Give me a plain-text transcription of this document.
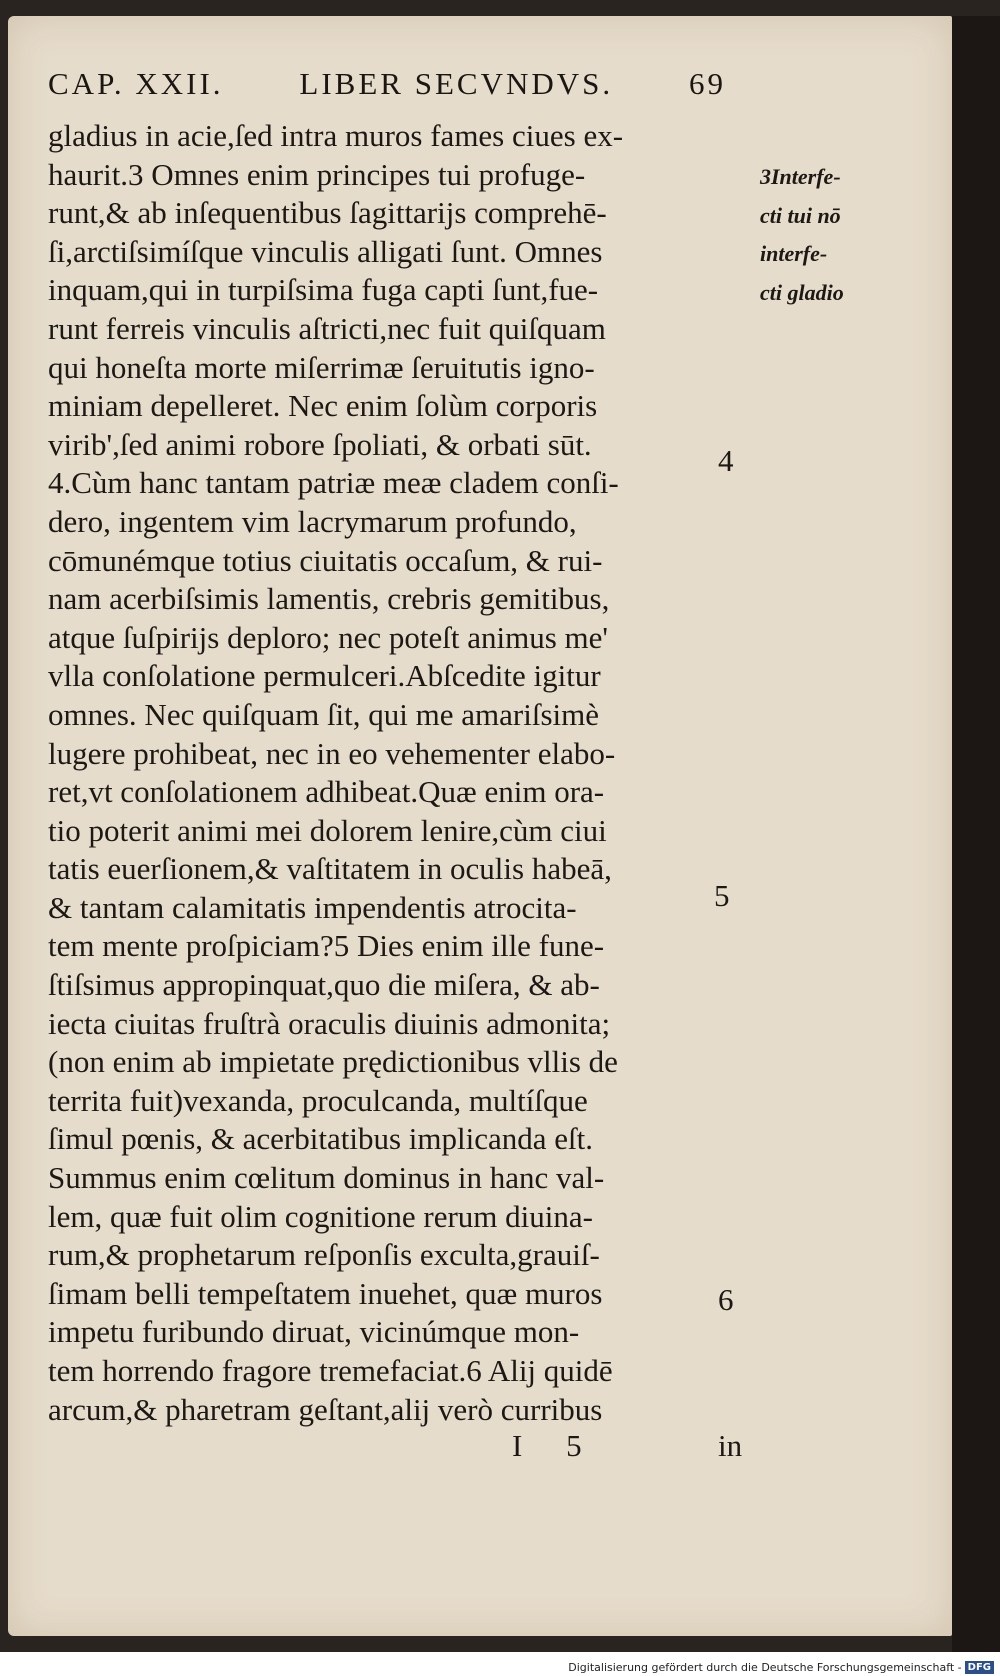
CAP. XXII. LIBER SECVNDVS. 69
gladius in acie,ſed intra muros fames ciues ex-
haurit.3 Omnes enim principes tui profuge-
runt,& ab inſequentibus ſagittarijs comprehē-
ſi,arctiſsimíſque vinculis alligati ſunt. Omnes
inquam,qui in turpiſsima fuga capti ſunt,fue-
runt ferreis vinculis aſtricti,nec fuit quiſquam
qui honeſta morte miſerrimæ ſeruitutis igno-
miniam depelleret. Nec enim ſolùm corporis
virib',ſed animi robore ſpoliati, & orbati sūt.
4.Cùm hanc tantam patriæ meæ cladem conſi-
dero, ingentem vim lacrymarum profundo,
cōmunémque totius ciuitatis occaſum, & rui-
nam acerbiſsimis lamentis, crebris gemitibus,
atque ſuſpirijs deploro; nec poteſt animus me'
vlla conſolatione permulceri.Abſcedite igitur
omnes. Nec quiſquam ſit, qui me amariſsimè
lugere prohibeat, nec in eo vehementer elabo-
ret,vt conſolationem adhibeat.Quæ enim ora-
tio poterit animi mei dolorem lenire,cùm ciui
tatis euerſionem,& vaſtitatem in oculis habeā,
& tantam calamitatis impendentis atrocita-
tem mente proſpiciam?5 Dies enim ille fune-
ſtiſsimus appropinquat,quo die miſera, & ab-
iecta ciuitas fruſtrà oraculis diuinis admonita;
(non enim ab impietate prędictionibus vllis de
territa fuit)vexanda, proculcanda, multíſque
ſimul pœnis, & acerbitatibus implicanda eſt.
Summus enim cœlitum dominus in hanc val-
lem, quæ fuit olim cognitione rerum diuina-
rum,& prophetarum reſponſis exculta,grauiſ-
ſimam belli tempeſtatem inuehet, quæ muros
impetu furibundo diruat, vicinúmque mon-
tem horrendo fragore tremefaciat.6 Alij quidē
arcum,& pharetram geſtant,alij verò curribus
3Interfe-
cti tui nō
interfe-
cti gladio
4
5
6
I 5	in
Digitalisierung gefördert durch die Deutsche Forschungsgemeinschaft - DFG
